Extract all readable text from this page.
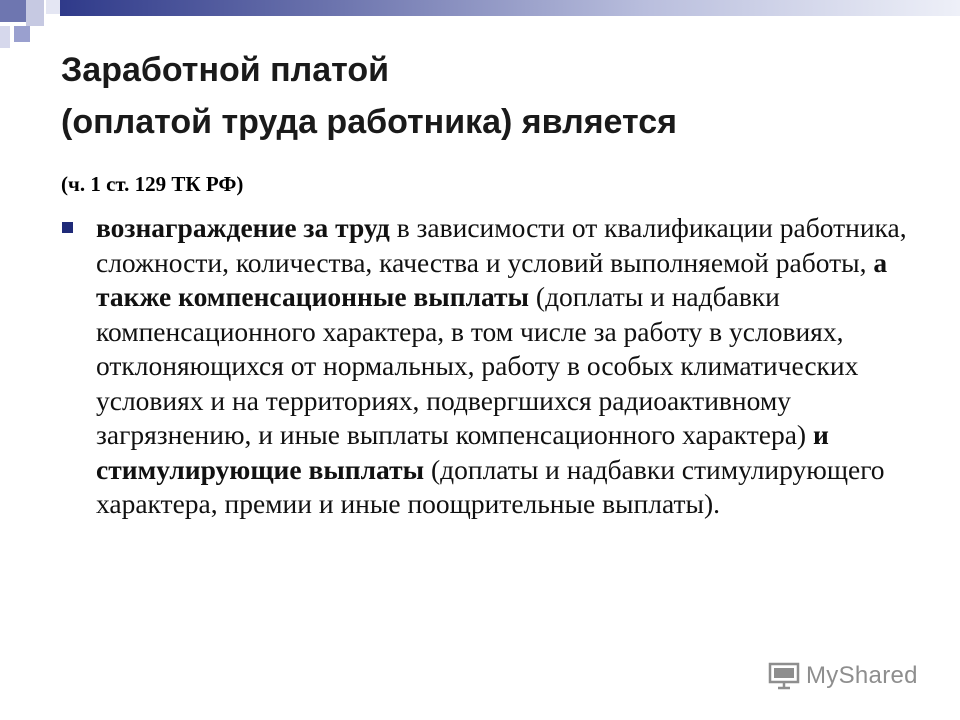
Заработной платой
(оплатой труда работника) является
(ч. 1 ст. 129 ТК РФ)
вознаграждение за труд в зависимости от квалификации работника, сложности, количества, качества и условий выполняемой работы, а также компенсационные выплаты (доплаты и надбавки компенсационного характера, в том числе за работу в условиях, отклоняющихся от нормальных, работу в особых климатических условиях и на территориях, подвергшихся радиоактивному загрязнению, и иные выплаты компенсационного характера) и стимулирующие выплаты (доплаты и надбавки стимулирующего характера, премии и иные поощрительные выплаты).
MyShared
